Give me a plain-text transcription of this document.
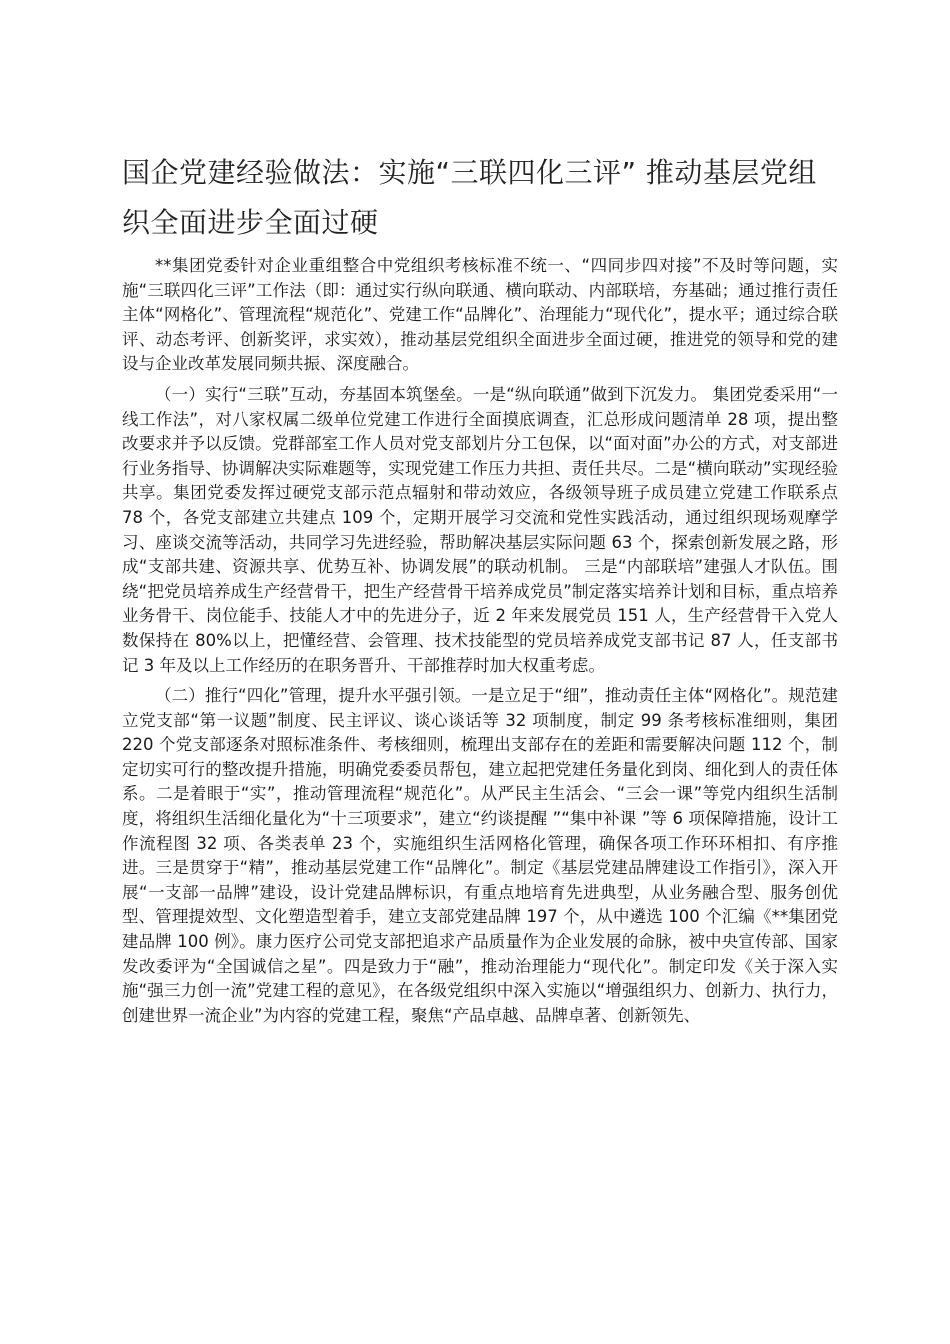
国企党建经验做法：实施“三联四化三评” 推动基层党组织全面进步全面过硬

**集团党委针对企业重组整合中党组织考核标准不统一、“四同步四对接”不及时等问题，实施“三联四化三评”工作法（即：通过实行纵向联通、横向联动、内部联培，夯基础；通过推行责任主体“网格化”、管理流程“规范化”、党建工作“品牌化”、治理能力“现代化”，提水平；通过综合联评、动态考评、创新奖评，求实效），推动基层党组织全面进步全面过硬，推进党的领导和党的建设与企业改革发展同频共振、深度融合。

（一）实行“三联”互动，夯基固本筑堡垒。一是“纵向联通”做到下沉发力。 集团党委采用“一线工作法”，对八家权属二级单位党建工作进行全面摸底调查，汇总形成问题清单 28 项，提出整改要求并予以反馈。党群部室工作人员对党支部划片分工包保，以“面对面”办公的方式，对支部进行业务指导、协调解决实际难题等，实现党建工作压力共担、责任共尽。二是“横向联动”实现经验共享。集团党委发挥过硬党支部示范点辐射和带动效应，各级领导班子成员建立党建工作联系点 78 个，各党支部建立共建点 109 个，定期开展学习交流和党性实践活动，通过组织现场观摩学习、座谈交流等活动，共同学习先进经验，帮助解决基层实际问题 63 个，探索创新发展之路，形成“支部共建、资源共享、优势互补、协调发展”的联动机制。 三是“内部联培”建强人才队伍。围绕“把党员培养成生产经营骨干，把生产经营骨干培养成党员”制定落实培养计划和目标，重点培养业务骨干、岗位能手、技能人才中的先进分子，近 2 年来发展党员 151 人，生产经营骨干入党人数保持在 80%以上，把懂经营、会管理、技术技能型的党员培养成党支部书记 87 人，任支部书记 3 年及以上工作经历的在职务晋升、干部推荐时加大权重考虑。

（二）推行“四化”管理，提升水平强引领。一是立足于“细”，推动责任主体“网格化”。规范建立党支部“第一议题”制度、民主评议、谈心谈话等 32 项制度，制定 99 条考核标准细则，集团 220 个党支部逐条对照标准条件、考核细则，梳理出支部存在的差距和需要解决问题 112 个，制定切实可行的整改提升措施，明确党委委员帮包，建立起把党建任务量化到岗、细化到人的责任体系。二是着眼于“实”，推动管理流程“规范化”。从严民主生活会、“三会一课”等党内组织生活制度，将组织生活细化量化为“十三项要求”，建立“约谈提醒 ”“集中补课 ”等 6 项保障措施，设计工作流程图 32 项、各类表单 23 个，实施组织生活网格化管理，确保各项工作环环相扣、有序推进。三是贯穿于“精”，推动基层党建工作“品牌化”。制定《基层党建品牌建设工作指引》，深入开展“一支部一品牌”建设，设计党建品牌标识，有重点地培育先进典型，从业务融合型、服务创优型、管理提效型、文化塑造型着手，建立支部党建品牌 197 个，从中遴选 100 个汇编《**集团党建品牌 100 例》。康力医疗公司党支部把追求产品质量作为企业发展的命脉，被中央宣传部、国家发改委评为“全国诚信之星”。四是致力于“融”，推动治理能力“现代化”。制定印发《关于深入实施“强三力创一流”党建工程的意见》，在各级党组织中深入实施以“增强组织力、创新力、执行力，创建世界一流企业”为内容的党建工程，聚焦“产品卓越、品牌卓著、创新领先、
